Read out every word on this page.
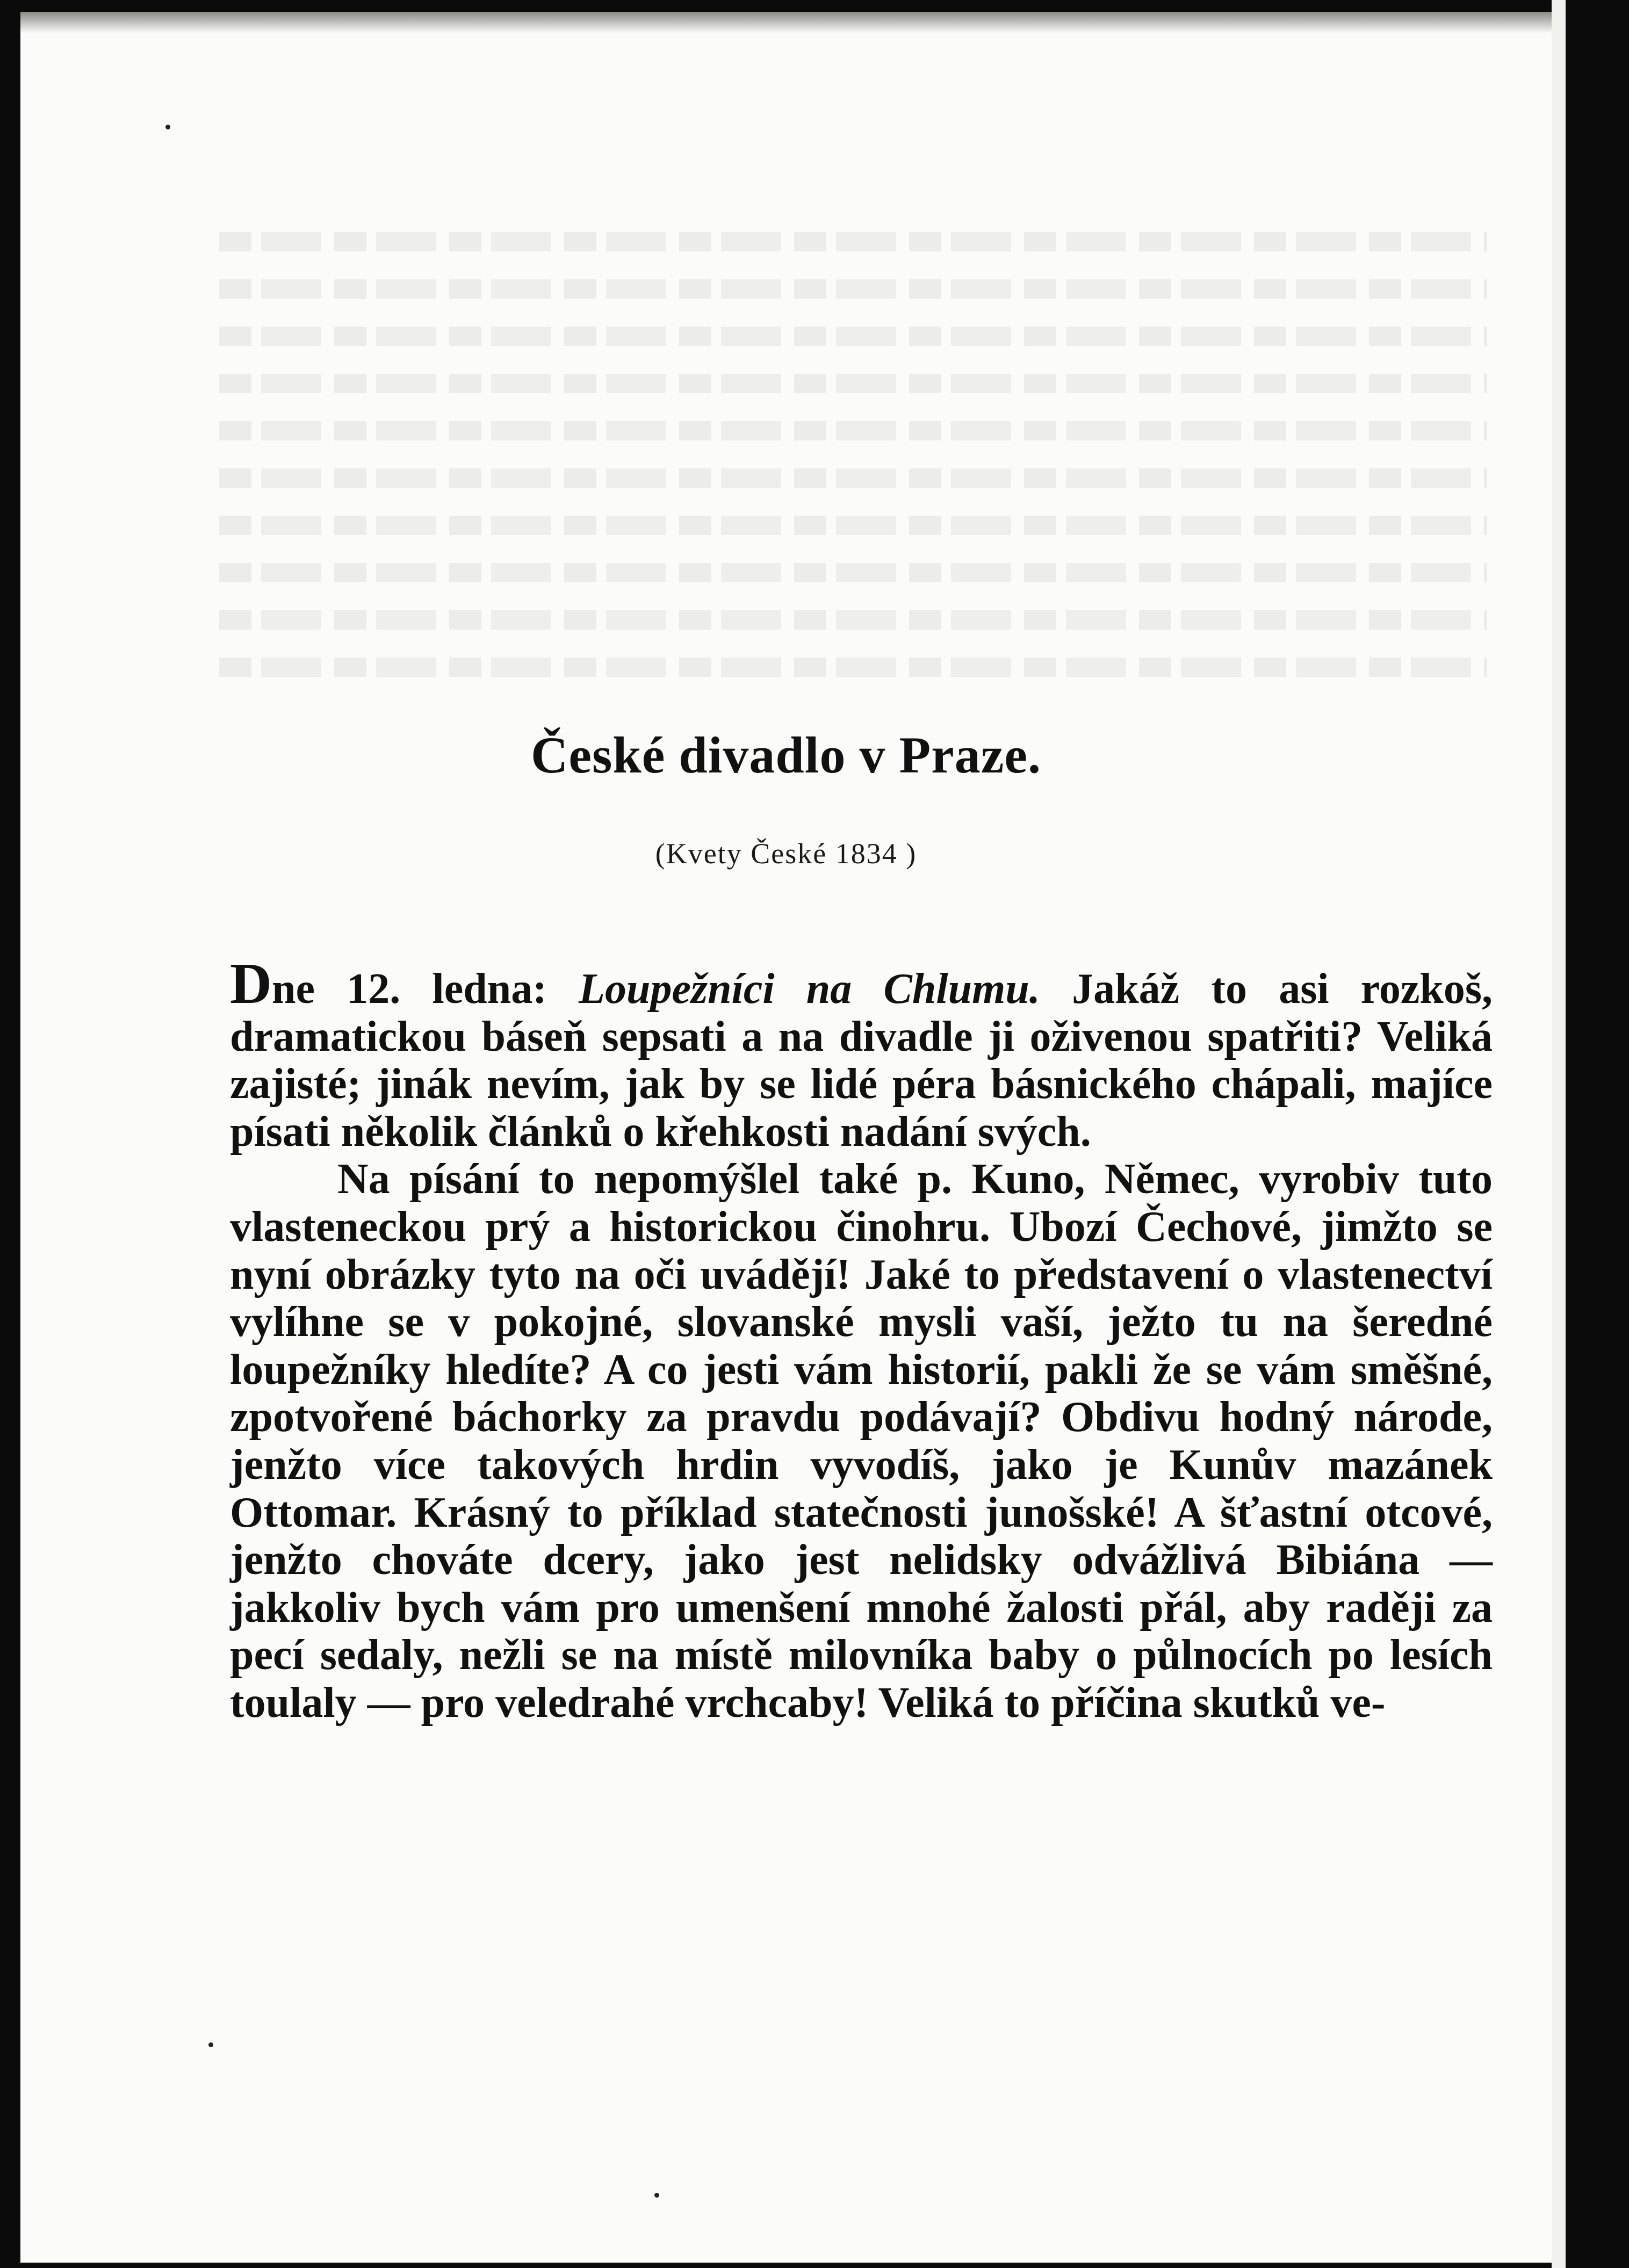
České divadlo v Praze.
(Kvety České 1834 )

Dne 12. ledna: Loupežníci na Chlumu. Jakáž to asi rozkoš, dramatickou báseň sepsati a na divadle ji oživenou spatřiti? Veliká zajisté; jinák nevím, jak by se lidé péra básnického chápali, majíce písati několik článků o křehkosti nadání svých.

Na písání to nepomýšlel také p. Kuno, Němec, vyrobiv tuto vlasteneckou prý a historickou činohru. Ubozí Čechové, jimžto se nyní obrázky tyto na oči uvádějí! Jaké to představení o vlastenectví vylíhne se v pokojné, slovanské mysli vaší, ježto tu na šeredné loupežníky hledíte? A co jesti vám historií, pakli že se vám směšné, zpotvořené báchorky za pravdu podávají? Obdivu hodný národe, jenžto více takových hrdin vyvodíš, jako je Kunův mazánek Ottomar. Krásný to příklad statečnosti junošské! A šťastní otcové, jenžto chováte dcery, jako jest nelidsky odvážlivá Bibiána — jakkoliv bych vám pro umenšení mnohé žalosti přál, aby raději za pecí sedaly, nežli se na místě milovníka baby o půlnocích po lesích toulaly — pro veledrahé vrchcaby! Veliká to příčina skutků ve-
